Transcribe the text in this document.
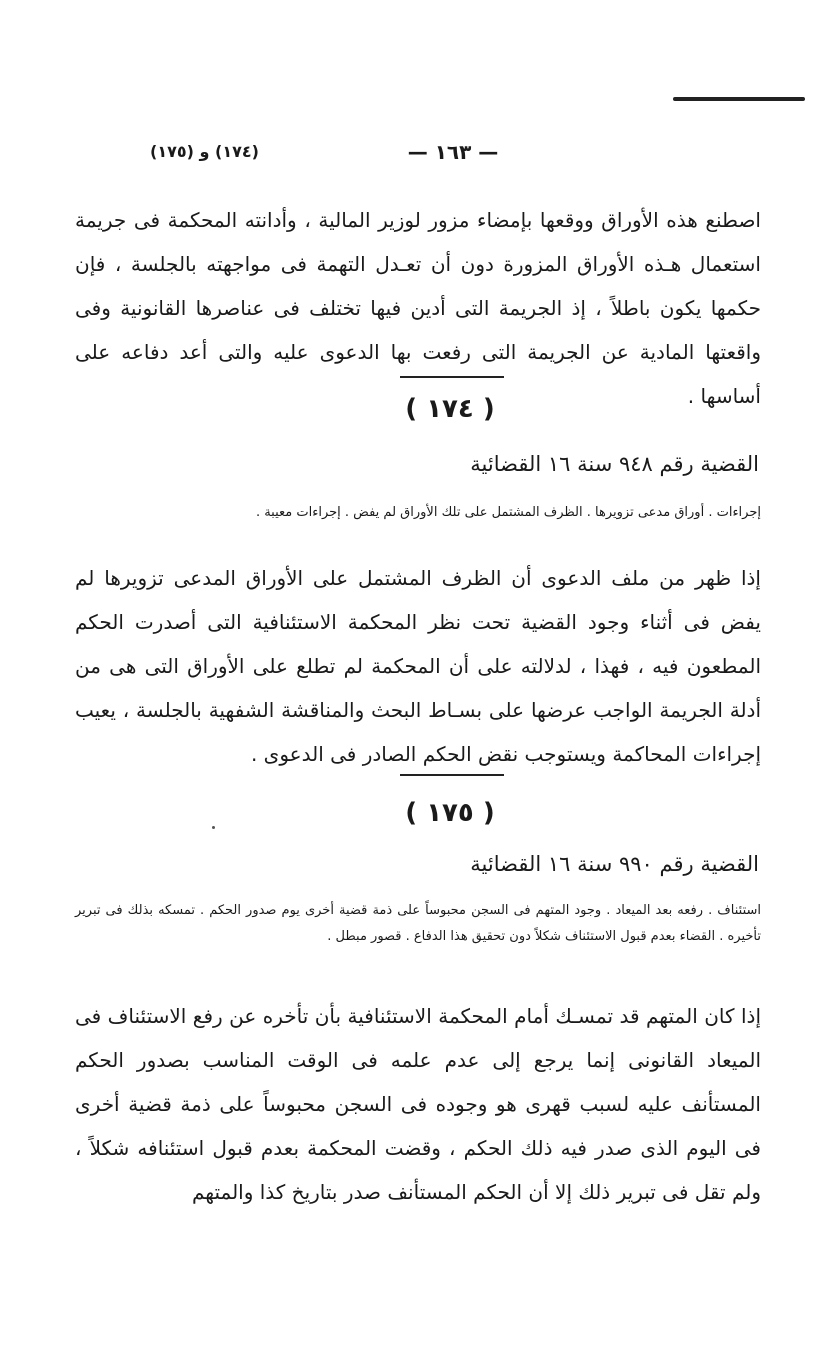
— ١٦٣ —
(١٧٤) و (١٧٥)

اصطنع هذه الأوراق ووقعها بإمضاء مزور لوزير المالية ، وأدانته المحكمة فى جريمة استعمال هـذه الأوراق المزورة دون أن تعـدل التهمة فى مواجهته بالجلسة ، فإن حكمها يكون باطلاً ، إذ الجريمة التى أدين فيها تختلف فى عناصرها القانونية وفى واقعتها المادية عن الجريمة التى رفعت بها الدعوى عليه والتى أعد دفاعه على أساسها .

( ١٧٤ )
القضية رقم ٩٤٨ سنة ١٦ القضائية

إجراءات . أوراق مدعى تزويرها . الظرف المشتمل على تلك الأوراق لم يفض . إجراءات معيبة .

إذا ظهر من ملف الدعوى أن الظرف المشتمل على الأوراق المدعى تزويرها لم يفض فى أثناء وجود القضية تحت نظر المحكمة الاستئنافية التى أصدرت الحكم المطعون فيه ، فهذا ، لدلالته على أن المحكمة لم تطلع على الأوراق التى هى من أدلة الجريمة الواجب عرضها على بسـاط البحث والمناقشة الشفهية بالجلسة ، يعيب إجراءات المحاكمة ويستوجب نقض الحكم الصادر فى الدعوى .

( ١٧٥ )
القضية رقم ٩٩٠ سنة ١٦ القضائية

استئناف . رفعه بعد الميعاد . وجود المتهم فى السجن محبوساً على ذمة قضية أخرى يوم صدور الحكم . تمسكه بذلك فى تبرير تأخيره . القضاء بعدم قبول الاستئناف شكلاً دون تحقيق هذا الدفاع . قصور مبطل .

إذا كان المتهم قد تمسـك أمام المحكمة الاستئنافية بأن تأخره عن رفع الاستئناف فى الميعاد القانونى إنما يرجع إلى عدم علمه فى الوقت المناسب بصدور الحكم المستأنف عليه لسبب قهرى هو وجوده فى السجن محبوساً على ذمة قضية أخرى فى اليوم الذى صدر فيه ذلك الحكم ، وقضت المحكمة بعدم قبول استئنافه شكلاً ، ولم تقل فى تبرير ذلك إلا أن الحكم المستأنف صدر بتاريخ كذا والمتهم
